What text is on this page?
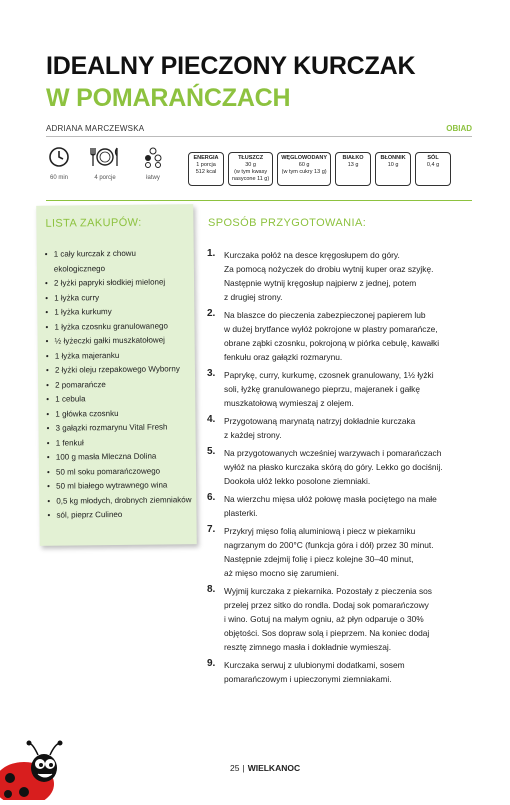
IDEALNY PIECZONY KURCZAK
W POMARAŃCZACH
ADRIANA MARCZEWSKA	OBIAD
60 min	4 porcje	łatwy
ENERGIA
1 porcja
512 kcal
TŁUSZCZ
30 g
(w tym kwasy
nasycone 11 g)
WĘGLOWODANY
60 g
(w tym cukry 13 g)
BIAŁKO
13 g
BŁONNIK
10 g
SÓL
0,4 g
LISTA ZAKUPÓW:
• 1 cały kurczak z chowu
ekologicznego
• 2 łyżki papryki słodkiej mielonej
• 1 łyżka curry
• 1 łyżka kurkumy
• 1 łyżka czosnku granulowanego
• ½ łyżeczki gałki muszkatołowej
• 1 łyżka majeranku
• 2 łyżki oleju rzepakowego Wyborny
• 2 pomarańcze
• 1 cebula
• 1 główka czosnku
• 3 gałązki rozmarynu Vital Fresh
• 1 fenkuł
• 100 g masła Mleczna Dolina
• 50 ml soku pomarańczowego
• 50 ml białego wytrawnego wina
• 0,5 kg młodych, drobnych ziemniaków
• sól, pieprz Culineo
SPOSÓB PRZYGOTOWANIA:
1. Kurczaka połóż na desce kręgosłupem do góry.
Za pomocą nożyczek do drobiu wytnij kuper oraz szyjkę.
Następnie wytnij kręgosłup najpierw z jednej, potem
z drugiej strony.
2. Na blaszce do pieczenia zabezpieczonej papierem lub
w dużej brytfance wyłóż pokrojone w plastry pomarańcze,
obrane ząbki czosnku, pokrojoną w piórka cebulę, kawałki
fenkułu oraz gałązki rozmarynu.
3. Paprykę, curry, kurkumę, czosnek granulowany, 1½ łyżki
soli, łyżkę granulowanego pieprzu, majeranek i gałkę
muszkatołową wymieszaj z olejem.
4. Przygotowaną marynatą natrzyj dokładnie kurczaka
z każdej strony.
5. Na przygotowanych wcześniej warzywach i pomarańczach
wyłóż na płasko kurczaka skórą do góry. Lekko go dociśnij.
Dookoła ułóż lekko posolone ziemniaki.
6. Na wierzchu mięsa ułóż połowę masła pociętego na małe
plasterki.
7. Przykryj mięso folią aluminiową i piecz w piekarniku
nagrzanym do 200°C (funkcja góra i dół) przez 30 minut.
Następnie zdejmij folię i piecz kolejne 30–40 minut,
aż mięso mocno się zarumieni.
8. Wyjmij kurczaka z piekarnika. Pozostały z pieczenia sos
przelej przez sitko do rondla. Dodaj sok pomarańczowy
i wino. Gotuj na małym ogniu, aż płyn odparuje o 30%
objętości. Sos dopraw solą i pieprzem. Na koniec dodaj
resztę zimnego masła i dokładnie wymieszaj.
9. Kurczaka serwuj z ulubionymi dodatkami, sosem
pomarańczowym i upieczonymi ziemniakami.
25 | WIELKANOC
